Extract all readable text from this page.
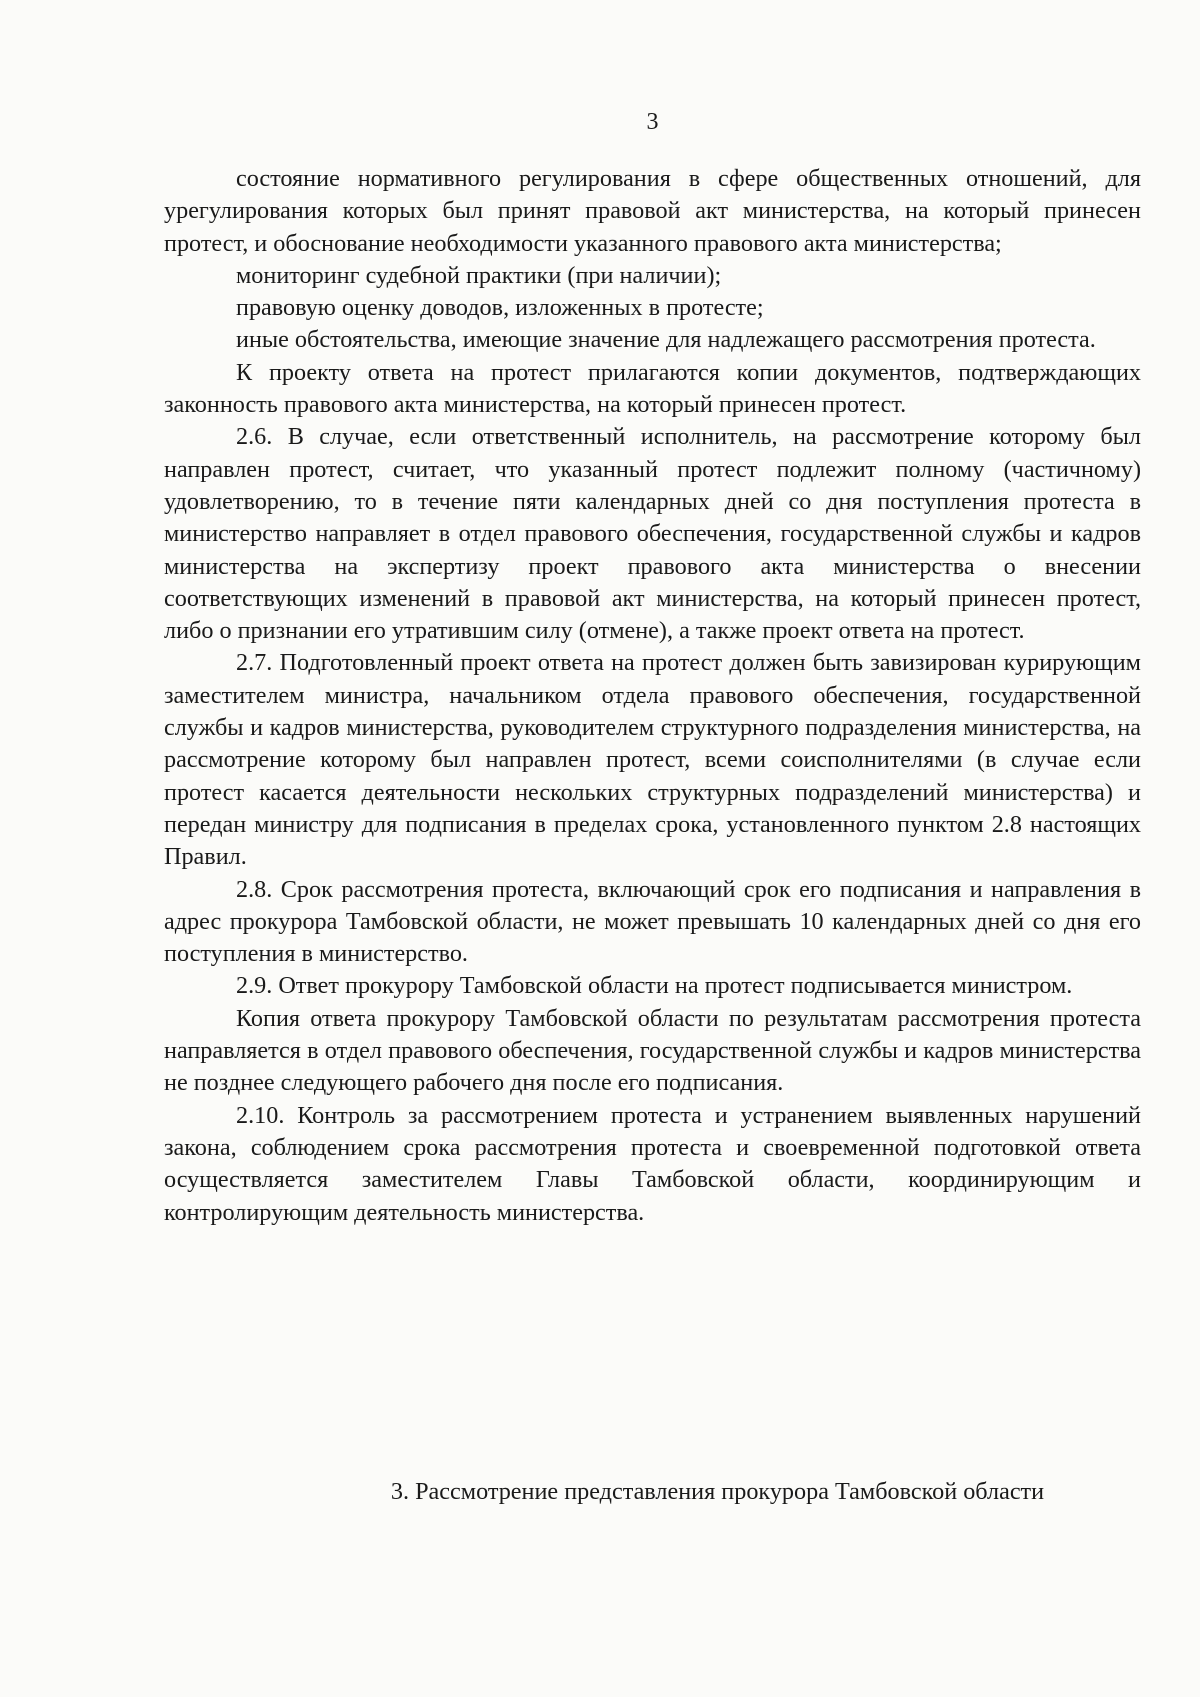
3

состояние нормативного регулирования в сфере общественных отношений, для урегулирования которых был принят правовой акт министерства, на который принесен протест, и обоснование необходимости указанного правового акта министерства;

мониторинг судебной практики (при наличии);

правовую оценку доводов, изложенных в протесте;

иные обстоятельства, имеющие значение для надлежащего рассмотрения протеста.

К проекту ответа на протест прилагаются копии документов, подтверждающих законность правового акта министерства, на который принесен протест.

2.6. В случае, если ответственный исполнитель, на рассмотрение которому был направлен протест, считает, что указанный протест подлежит полному (частичному) удовлетворению, то в течение пяти календарных дней со дня поступления протеста в министерство направляет в отдел правового обеспечения, государственной службы и кадров министерства на экспертизу проект правового акта министерства о внесении соответствующих изменений в правовой акт министерства, на который принесен протест, либо о признании его утратившим силу (отмене), а также проект ответа на протест.

2.7. Подготовленный проект ответа на протест должен быть завизирован курирующим заместителем министра, начальником отдела правового обеспечения, государственной службы и кадров министерства, руководителем структурного подразделения министерства, на рассмотрение которому был направлен протест, всеми соисполнителями (в случае если протест касается деятельности нескольких структурных подразделений министерства) и передан министру для подписания в пределах срока, установленного пунктом 2.8 настоящих Правил.

2.8. Срок рассмотрения протеста, включающий срок его подписания и направления в адрес прокурора Тамбовской области, не может превышать 10 календарных дней со дня его поступления в министерство.

2.9. Ответ прокурору Тамбовской области на протест подписывается министром.

Копия ответа прокурору Тамбовской области по результатам рассмотрения протеста направляется в отдел правового обеспечения, государственной службы и кадров министерства не позднее следующего рабочего дня после его подписания.

2.10. Контроль за рассмотрением протеста и устранением выявленных нарушений закона, соблюдением срока рассмотрения протеста и своевременной подготовкой ответа осуществляется заместителем Главы Тамбовской области, координирующим и контролирующим деятельность министерства.

3. Рассмотрение представления прокурора Тамбовской области
